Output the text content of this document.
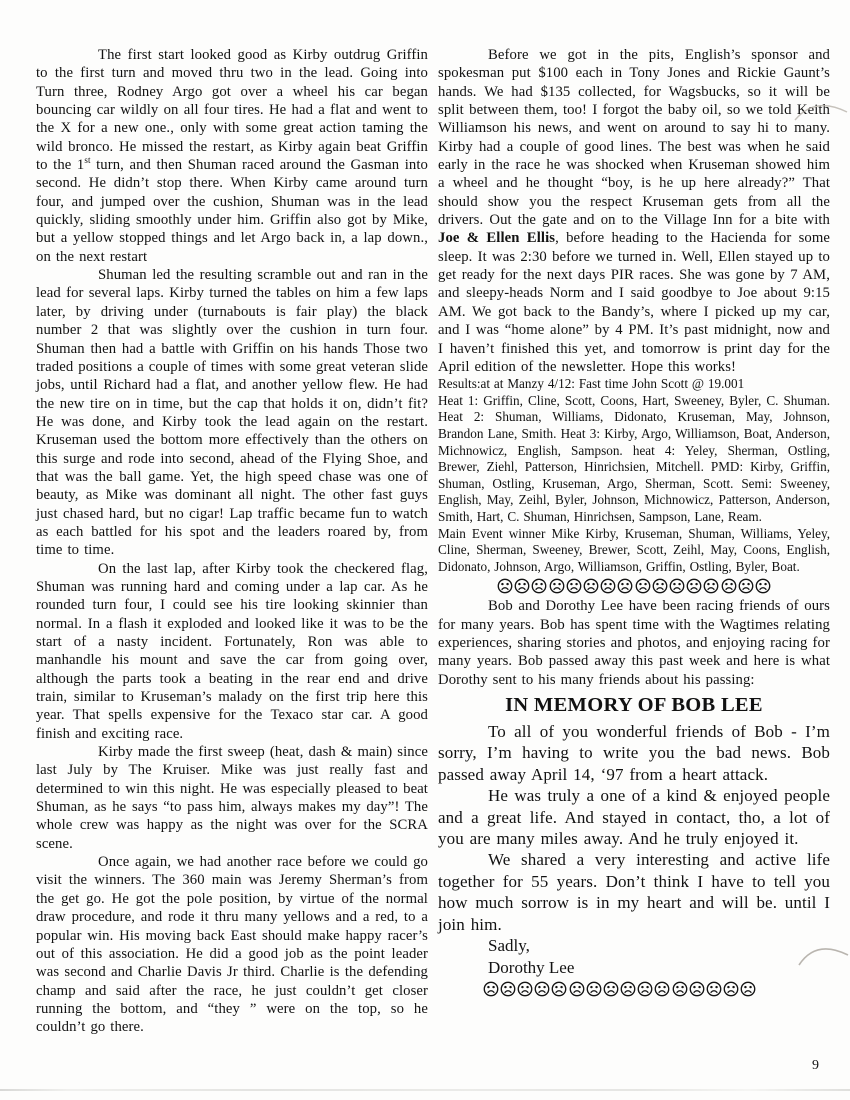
The first start looked good as Kirby outdrug Griffin to the first turn and moved thru two in the lead. Going into Turn three, Rodney Argo got over a wheel his car began bouncing car wildly on all four tires. He had a flat and went to the X for a new one., only with some great action taming the wild bronco. He missed the restart, as Kirby again beat Griffin to the 1st turn, and then Shuman raced around the Gasman into second. He didn’t stop there. When Kirby came around turn four, and jumped over the cushion, Shuman was in the lead quickly, sliding smoothly under him. Griffin also got by Mike, but a yellow stopped things and let Argo back in, a lap down., on the next restart

Shuman led the resulting scramble out and ran in the lead for several laps. Kirby turned the tables on him a few laps later, by driving under (turnabouts is fair play) the black number 2 that was slightly over the cushion in turn four. Shuman then had a battle with Griffin on his hands Those two traded positions a couple of times with some great veteran slide jobs, until Richard had a flat, and another yellow flew. He had the new tire on in time, but the cap that holds it on, didn’t fit? He was done, and Kirby took the lead again on the restart. Kruseman used the bottom more effectively than the others on this surge and rode into second, ahead of the Flying Shoe, and that was the ball game. Yet, the high speed chase was one of beauty, as Mike was dominant all night. The other fast guys just chased hard, but no cigar! Lap traffic became fun to watch as each battled for his spot and the leaders roared by, from time to time.

On the last lap, after Kirby took the checkered flag, Shuman was running hard and coming under a lap car. As he rounded turn four, I could see his tire looking skinnier than normal. In a flash it exploded and looked like it was to be the start of a nasty incident. Fortunately, Ron was able to manhandle his mount and save the car from going over, although the parts took a beating in the rear end and drive train, similar to Kruseman’s malady on the first trip here this year. That spells expensive for the Texaco star car. A good finish and exciting race.

Kirby made the first sweep (heat, dash & main) since last July by The Kruiser. Mike was just really fast and determined to win this night. He was especially pleased to beat Shuman, as he says “to pass him, always makes my day”! The whole crew was happy as the night was over for the SCRA scene.

Once again, we had another race before we could go visit the winners. The 360 main was Jeremy Sherman’s from the get go. He got the pole position, by virtue of the normal draw procedure, and rode it thru many yellows and a red, to a popular win. His moving back East should make happy racer’s out of this association. He did a good job as the point leader was second and Charlie Davis Jr third. Charlie is the defending champ and said after the race, he just couldn’t get closer running the bottom, and “they ” were on the top, so he couldn’t go there.

Before we got in the pits, English’s sponsor and spokesman put $100 each in Tony Jones and Rickie Gaunt’s hands. We had $135 collected, for Wagsbucks, so it will be split between them, too! I forgot the baby oil, so we told Keith Williamson his news, and went on around to say hi to many. Kirby had a couple of good lines. The best was when he said early in the race he was shocked when Kruseman showed him a wheel and he thought “boy, is he up here already?” That should show you the respect Kruseman gets from all the drivers. Out the gate and on to the Village Inn for a bite with Joe & Ellen Ellis, before heading to the Hacienda for some sleep. It was 2:30 before we turned in. Well, Ellen stayed up to get ready for the next days PIR races. She was gone by 7 AM, and sleepy-heads Norm and I said goodbye to Joe about 9:15 AM. We got back to the Bandy’s, where I picked up my car, and I was “home alone” by 4 PM. It’s past midnight, now and I haven’t finished this yet, and tomorrow is print day for the April edition of the newsletter. Hope this works!

Results:at at Manzy 4/12: Fast time John Scott @ 19.001

Heat 1: Griffin, Cline, Scott, Coons, Hart, Sweeney, Byler, C. Shuman. Heat 2: Shuman, Williams, Didonato, Kruseman, May, Johnson, Brandon Lane, Smith. Heat 3: Kirby, Argo, Williamson, Boat, Anderson, Michnowicz, English, Sampson. heat 4: Yeley, Sherman, Ostling, Brewer, Ziehl, Patterson, Hinrichsien, Mitchell. PMD: Kirby, Griffin, Shuman, Ostling, Kruseman, Argo, Sherman, Scott. Semi: Sweeney, English, May, Zeihl, Byler, Johnson, Michnowicz, Patterson, Anderson, Smith, Hart, C. Shuman, Hinrichsen, Sampson, Lane, Ream.

Main Event winner Mike Kirby, Kruseman, Shuman, Williams, Yeley, Cline, Sherman, Sweeney, Brewer, Scott, Zeihl, May, Coons, English, Didonato, Johnson, Argo, Williamson, Griffin, Ostling, Byler, Boat.

Bob and Dorothy Lee have been racing friends of ours for many years. Bob has spent time with the Wagtimes relating experiences, sharing stories and photos, and enjoying racing for many years. Bob passed away this past week and here is what Dorothy sent to his many friends about his passing:

IN MEMORY OF BOB LEE

To all of you wonderful friends of Bob - I’m sorry, I’m having to write you the bad news. Bob passed away April 14, ‘97 from a heart attack.

He was truly a one of a kind & enjoyed people and a great life. And stayed in contact, tho, a lot of you are many miles away. And he truly enjoyed it.

We shared a very interesting and active life together for 55 years. Don’t think I have to tell you how much sorrow is in my heart and will be. until I join him.

Sadly,
Dorothy Lee
9
